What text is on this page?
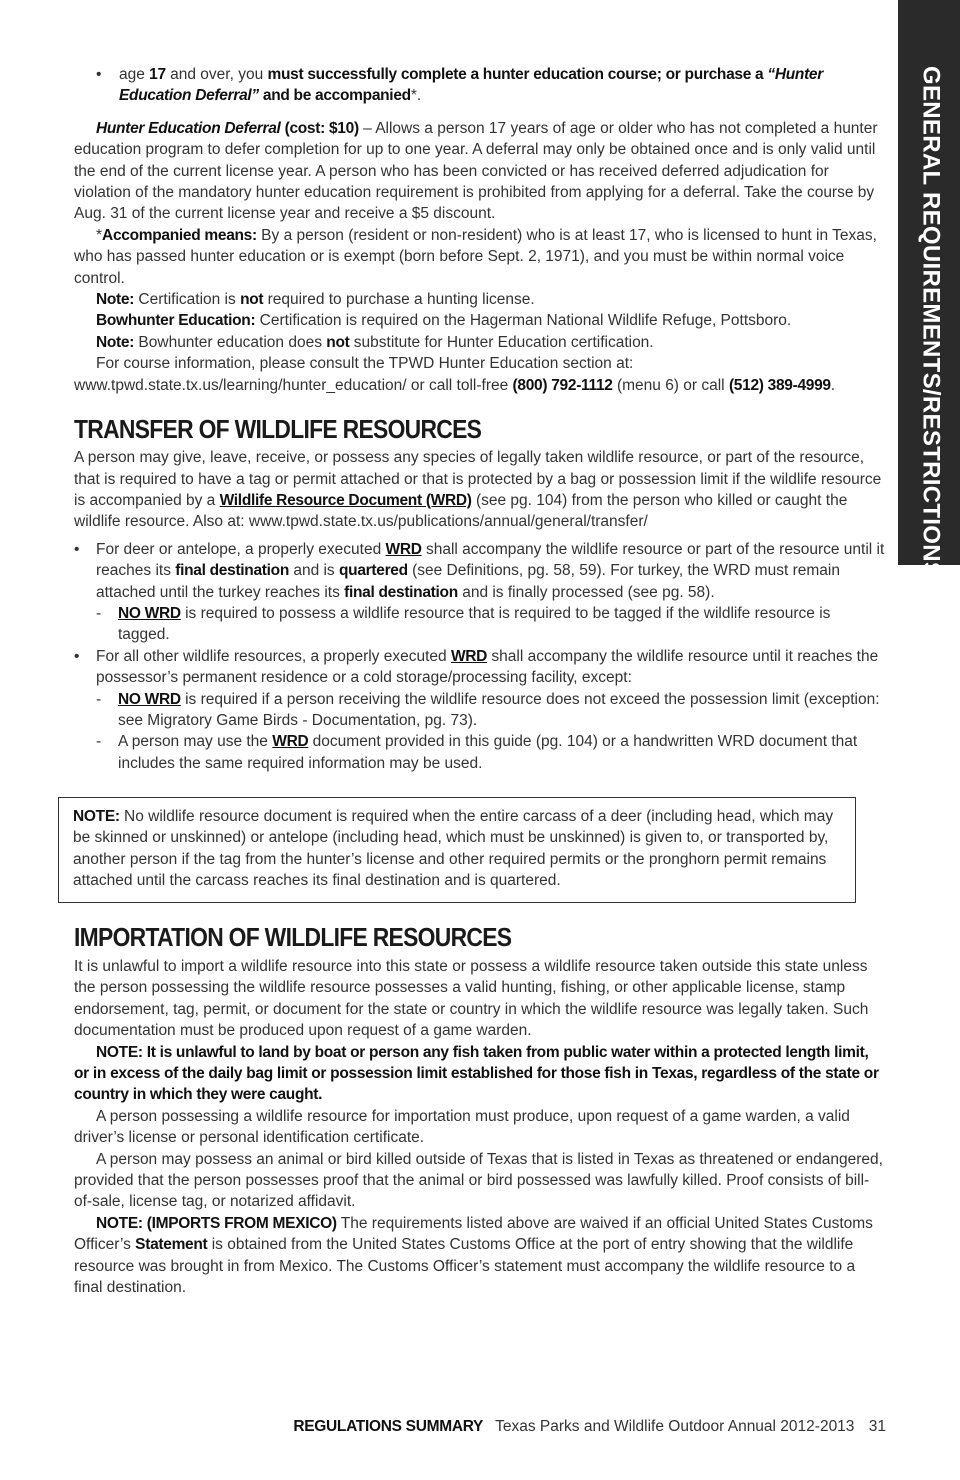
GENERAL REQUIREMENTS/RESTRICTIONS

• age 17 and over, you must successfully complete a hunter education course; or purchase a “Hunter Education Deferral” and be accompanied*.

Hunter Education Deferral (cost: $10) – Allows a person 17 years of age or older who has not completed a hunter education program to defer completion for up to one year. A deferral may only be obtained once and is only valid until the end of the current license year. A person who has been convicted or has received deferred adjudication for violation of the mandatory hunter education requirement is prohibited from applying for a deferral. Take the course by Aug. 31 of the current license year and receive a $5 discount.

*Accompanied means: By a person (resident or non-resident) who is at least 17, who is licensed to hunt in Texas, who has passed hunter education or is exempt (born before Sept. 2, 1971), and you must be within normal voice control.

Note: Certification is not required to purchase a hunting license.

Bowhunter Education: Certification is required on the Hagerman National Wildlife Refuge, Pottsboro.

Note: Bowhunter education does not substitute for Hunter Education certification.

For course information, please consult the TPWD Hunter Education section at: www.tpwd.state.tx.us/learning/hunter_education/ or call toll-free (800) 792-1112 (menu 6) or call (512) 389-4999.

TRANSFER OF WILDLIFE RESOURCES

A person may give, leave, receive, or possess any species of legally taken wildlife resource, or part of the resource, that is required to have a tag or permit attached or that is protected by a bag or possession limit if the wildlife resource is accompanied by a Wildlife Resource Document (WRD) (see pg. 104) from the person who killed or caught the wildlife resource. Also at: www.tpwd.state.tx.us/publications/annual/general/transfer/

• For deer or antelope, a properly executed WRD shall accompany the wildlife resource or part of the resource until it reaches its final destination and is quartered (see Definitions, pg. 58, 59). For turkey, the WRD must remain attached until the turkey reaches its final destination and is finally processed (see pg. 58).

- NO WRD is required to possess a wildlife resource that is required to be tagged if the wildlife resource is tagged.

• For all other wildlife resources, a properly executed WRD shall accompany the wildlife resource until it reaches the possessor’s permanent residence or a cold storage/processing facility, except:

- NO WRD is required if a person receiving the wildlife resource does not exceed the possession limit (exception: see Migratory Game Birds - Documentation, pg. 73).

- A person may use the WRD document provided in this guide (pg. 104) or a handwritten WRD document that includes the same required information may be used.

NOTE: No wildlife resource document is required when the entire carcass of a deer (including head, which may be skinned or unskinned) or antelope (including head, which must be unskinned) is given to, or transported by, another person if the tag from the hunter’s license and other required permits or the pronghorn permit remains attached until the carcass reaches its final destination and is quartered.

IMPORTATION OF WILDLIFE RESOURCES

It is unlawful to import a wildlife resource into this state or possess a wildlife resource taken outside this state unless the person possessing the wildlife resource possesses a valid hunting, fishing, or other applicable license, stamp endorsement, tag, permit, or document for the state or country in which the wildlife resource was legally taken. Such documentation must be produced upon request of a game warden.

NOTE: It is unlawful to land by boat or person any fish taken from public water within a protected length limit, or in excess of the daily bag limit or possession limit established for those fish in Texas, regardless of the state or country in which they were caught.

A person possessing a wildlife resource for importation must produce, upon request of a game warden, a valid driver’s license or personal identification certificate.

A person may possess an animal or bird killed outside of Texas that is listed in Texas as threatened or endangered, provided that the person possesses proof that the animal or bird possessed was lawfully killed. Proof consists of bill-of-sale, license tag, or notarized affidavit.

NOTE: (IMPORTS FROM MEXICO) The requirements listed above are waived if an official United States Customs Officer’s Statement is obtained from the United States Customs Office at the port of entry showing that the wildlife resource was brought in from Mexico. The Customs Officer’s statement must accompany the wildlife resource to a final destination.

REGULATIONS SUMMARY Texas Parks and Wildlife Outdoor Annual 2012-2013 31
